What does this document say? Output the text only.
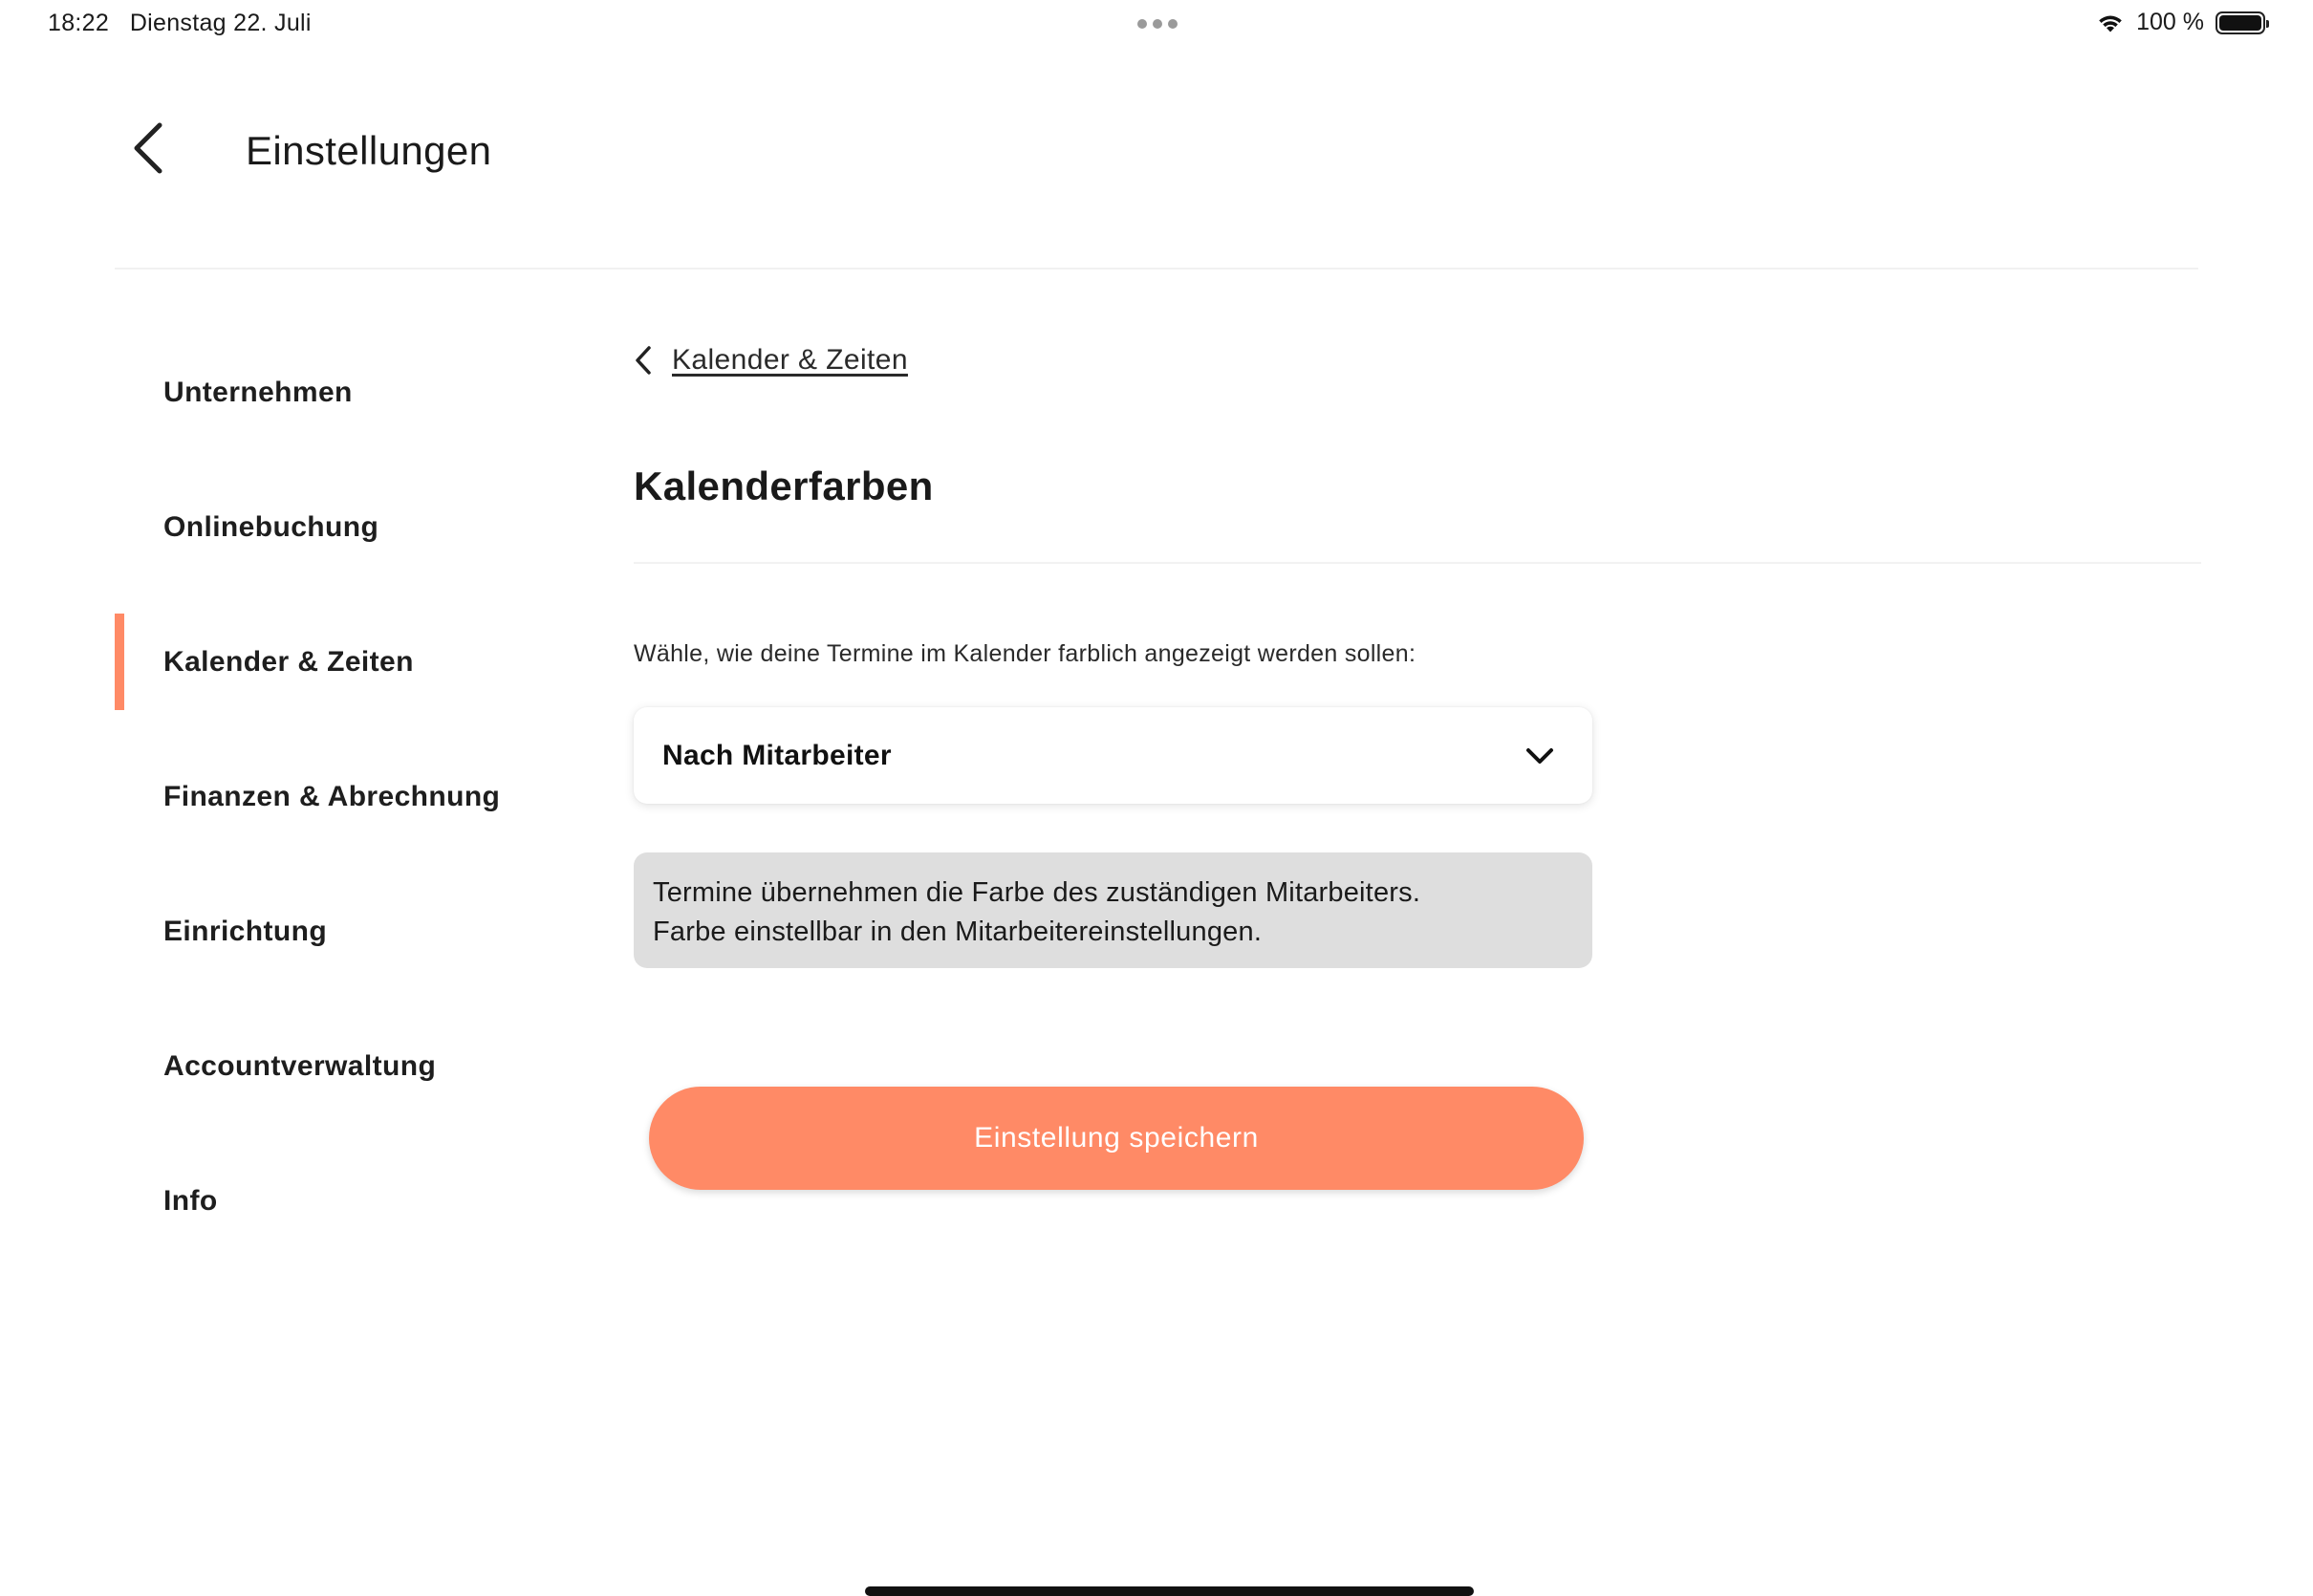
18:22 Dienstag 22. Juli	100 %
Einstellungen
Unternehmen
Onlinebuchung
Kalender & Zeiten
Finanzen & Abrechnung
Einrichtung
Accountverwaltung
Info
Kalender & Zeiten
Kalenderfarben

Wähle, wie deine Termine im Kalender farblich angezeigt werden sollen:

Nach Mitarbeiter
Termine übernehmen die Farbe des zuständigen Mitarbeiters.
Farbe einstellbar in den Mitarbeitereinstellungen.
Einstellung speichern
